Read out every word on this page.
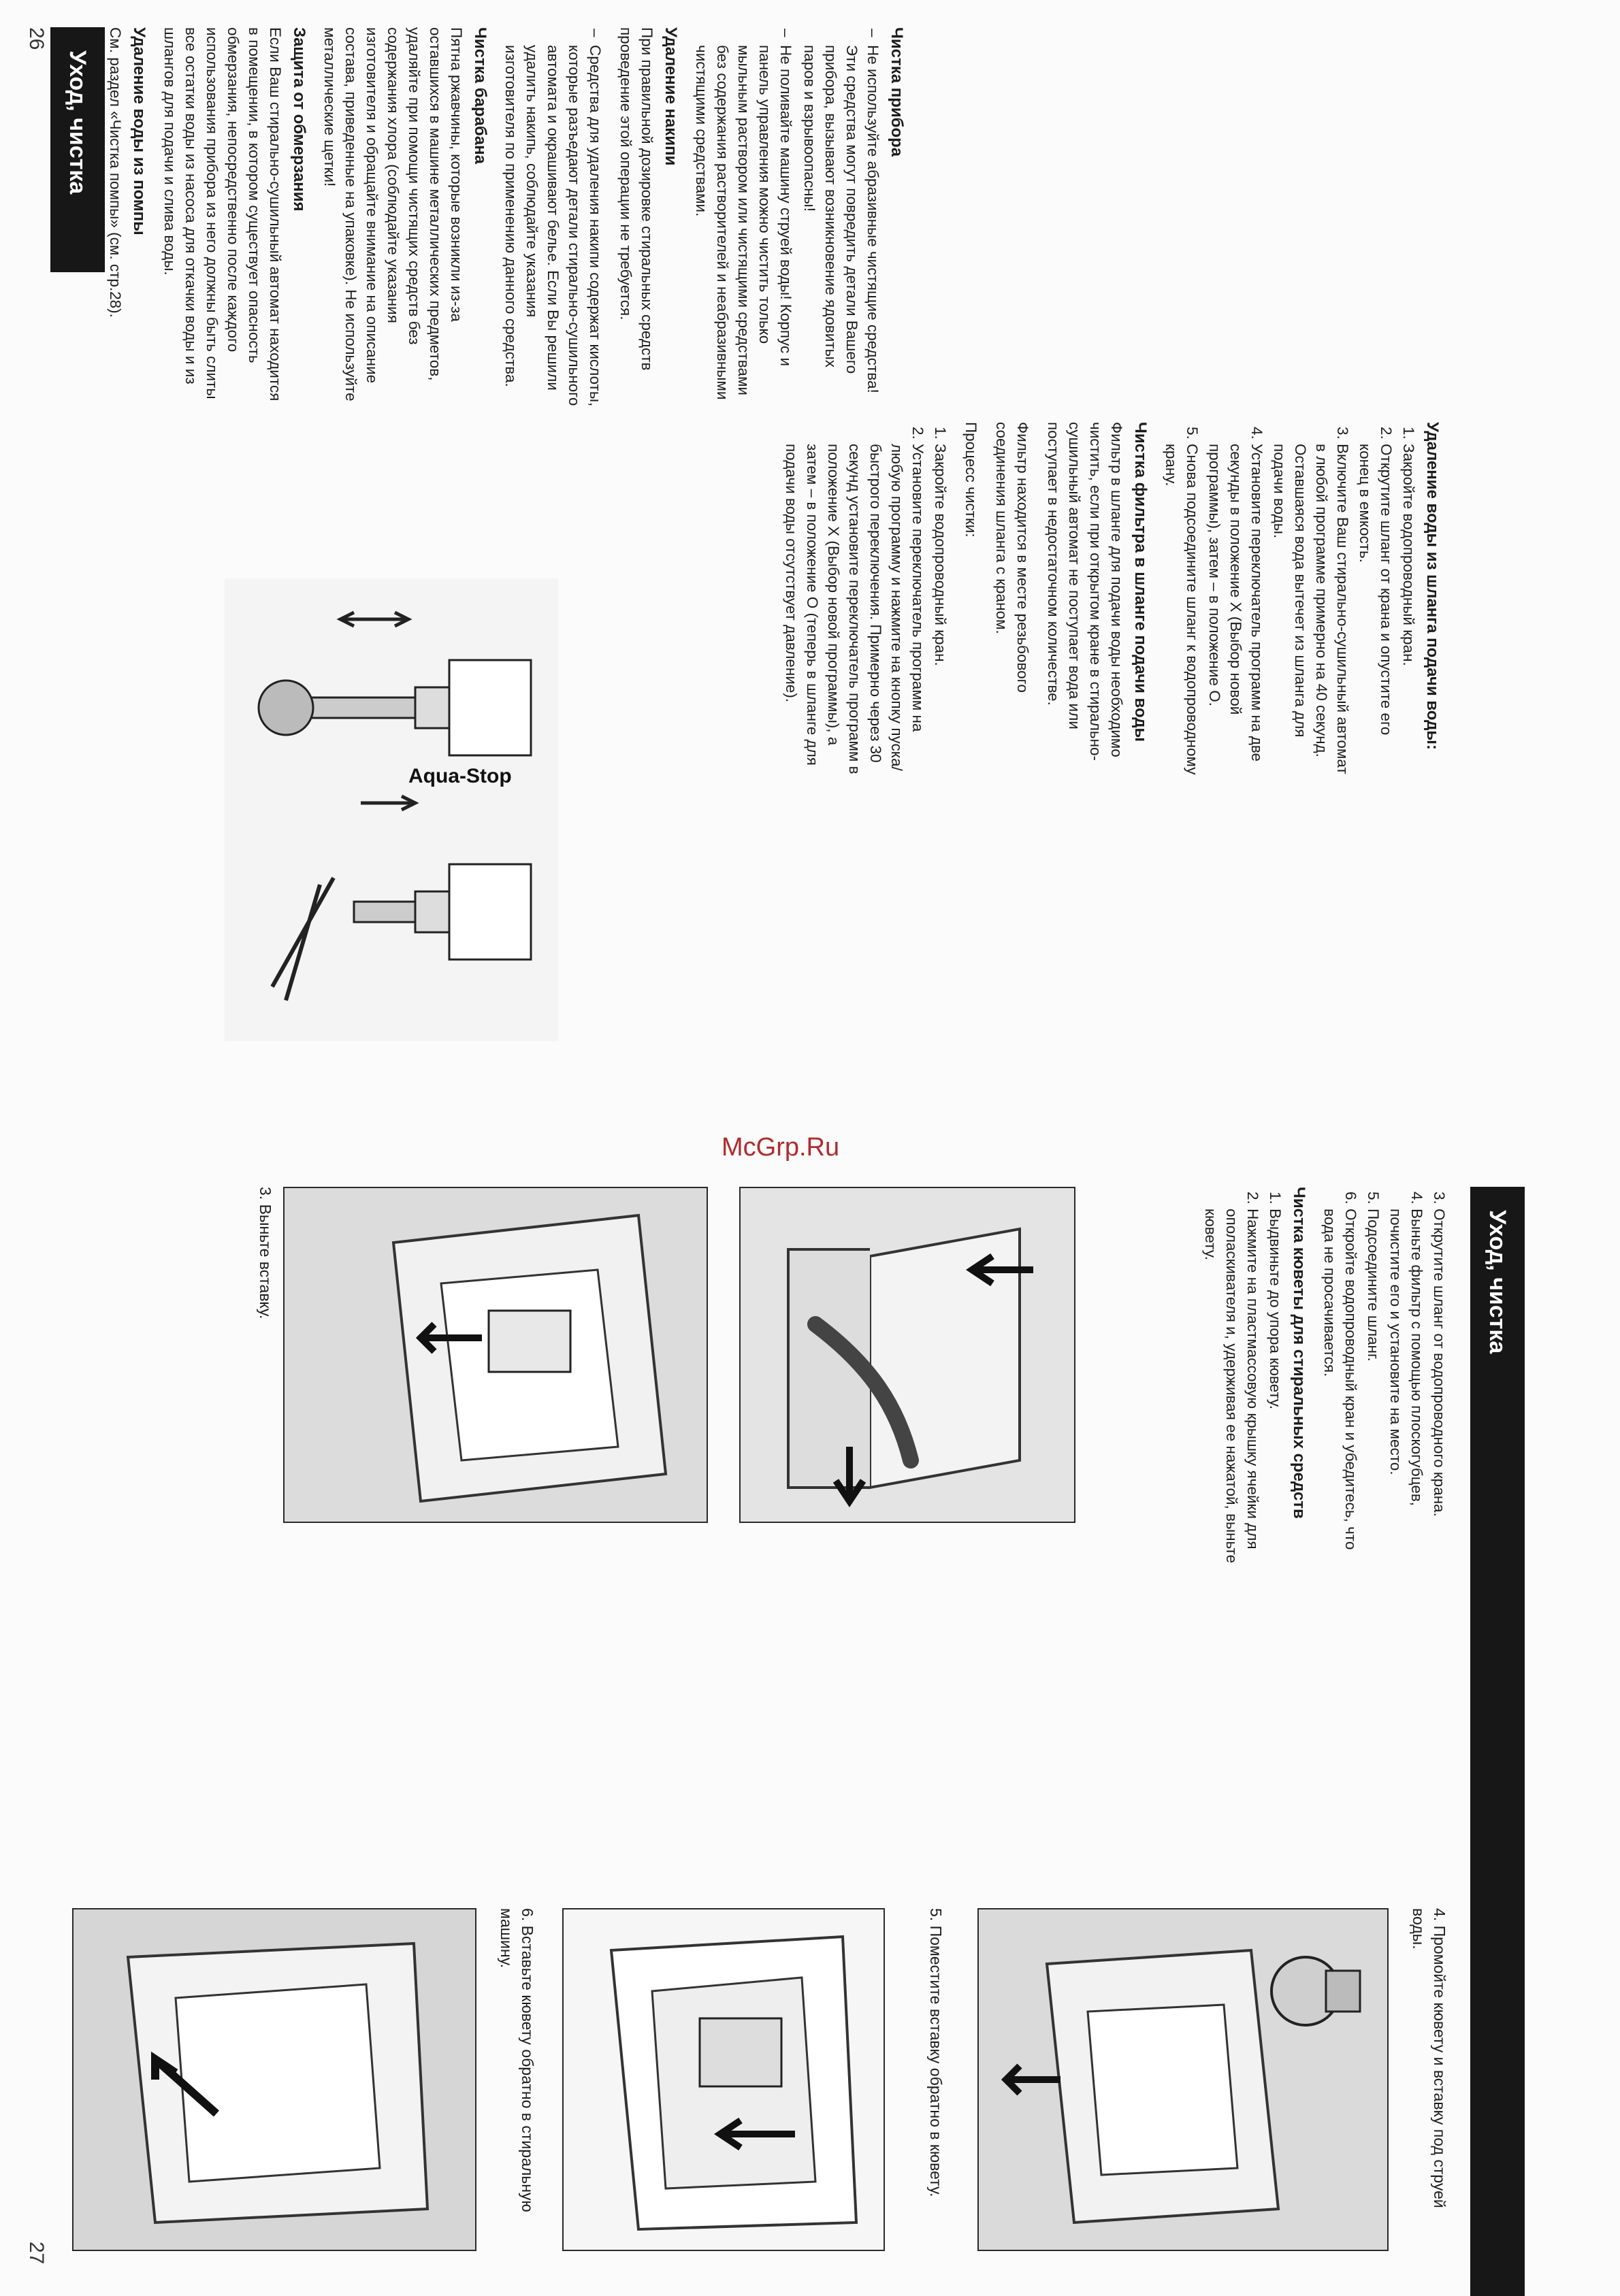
Уход, чистка	Чистка прибора
– Не используйте абразивные чистящие средства! Эти средства могут повредить детали Вашего прибора, вызывают возникновение ядовитых паров и взрывоопасны!
– Не поливайте машину струей воды! Корпус и панель управления можно чистить только мыльным раствором или чистящими средствами без содержания растворителей и неабразивными чистящими средствами.
Удаление накипи

При правильной дозировке стиральных средств проведение этой операции не требуется.

– Средства для удаления накипи содержат кислоты, которые разъедают детали стирально-сушильного автомата и окрашивают белье. Если Вы решили удалить накипь, соблюдайте указания изготовителя по применению данного средства.
Чистка барабана

Пятна ржавчины, которые возникли из-за оставшихся в машине металлических предметов, удаляйте при помощи чистящих средств без содержания хлора (соблюдайте указания изготовителя и обращайте внимание на описание состава, приведенные на упаковке). Не используйте металлические щетки!

Защита от обмерзания

Если Ваш стирально-сушильный автомат находится в помещении, в котором существует опасность обмерзания, непосредственно после каждого использования прибора из него должны быть слиты все остатки воды из насоса для откачки воды и из шлангов для подачи и слива воды.

Удаление воды из помпы

См. раздел «Чистка помпы» (см. стр.28).

Удаление воды из шланга подачи воды:
1. Закройте водопроводный кран.
2. Открутите шланг от крана и опустите его конец в емкость.
3. Включите Ваш стирально-сушильный автомат в любой программе примерно на 40 секунд. Оставшаяся вода вытечет из шланга для подачи воды.
4. Установите переключатель программ на две секунды в положение X (Выбор новой программы), затем – в положение O.
5. Снова подсоедините шланг к водопроводному крану.
Чистка фильтра в шланге подачи воды

Фильтр в шланге для подачи воды необходимо чистить, если при открытом кране в стирально-сушильный автомат не поступает вода или поступает в недостаточном количестве.

Фильтр находится в месте резьбового соединения шланга с краном.

Процесс чистки:

1. Закройте водопроводный кран.
2. Установите переключатель программ на любую программу и нажмите на кнопку пуска/быстрого переключения. Примерно через 30 секунд установите переключатель программ в положение X (Выбор новой программы), а затем – в положение O (теперь в шланге для подачи воды отсутствует давление).
Aqua-Stop
26
Уход, чистка
3. Открутите шланг от водопроводного крана.
4. Выньте фильтр с помощью плоскогубцев, почистите его и установите на место.
5. Подсоедините шланг.
6. Откройте водопроводный кран и убедитесь, что вода не просачивается.
Чистка кюветы для стиральных средств
1. Выдвиньте до упора кювету.
2. Нажмите на пластмассовую крышку ячейки для ополаскивателя и, удерживая ее нажатой, выньте кювету.
3. Выньте вставку.
4. Промойте кювету и вставку под струей воды.
5. Поместите вставку обратно в кювету.
6. Вставьте кювету обратно в стиральную машину.
27
McGrp.Ru
